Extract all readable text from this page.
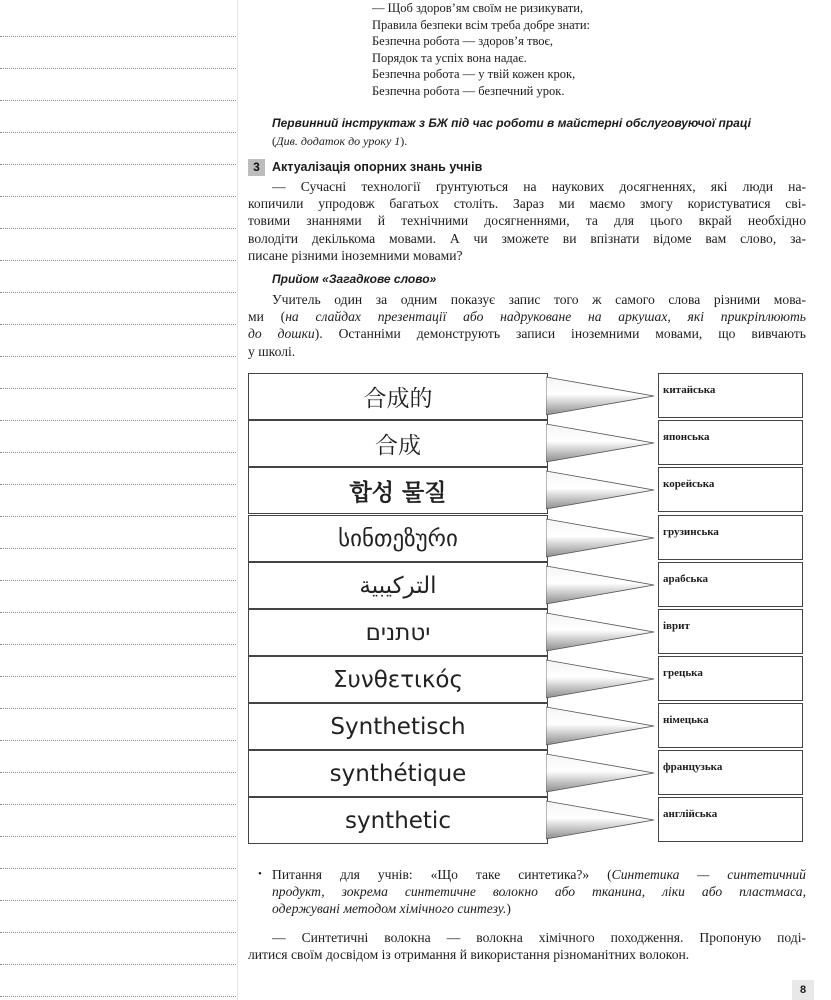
— Щоб здоров’ям своїм не ризикувати,
Правила безпеки всім треба добре знати:
Безпечна робота — здоров’я твоє,
Порядок та успіх вона надає.
Безпечна робота — у твій кожен крок,
Безпечна робота — безпечний урок.
Первинний інструктаж з БЖ під час роботи в майстерні обслуговуючої праці
(Див. додаток до уроку 1).
3 Актуалізація опорних знань учнів
— Сучасні технології ґрунтуються на наукових досягненнях, які люди на-
копичили упродовж багатьох століть. Зараз ми маємо змогу користуватися сві-
товими знаннями й технічними досягненнями, та для цього вкрай необхідно
володіти декількома мовами. А чи зможете ви впізнати відоме вам слово, за-
писане різними іноземними мовами?
Прийом «Загадкове слово»
Учитель один за одним показує запис того ж самого слова різними мова-
ми (на слайдах презентації або надруковане на аркушах, які прикріплюють
до дошки). Останніми демонструють записи іноземними мовами, що вивчають
у школі.
合成的	китайська
合成	японська
합성 물질	корейська
სინთეზური	грузинська
الترکیبیة	арабська
יטתנים	іврит
Συνθετικός	грецька
Synthetisch	німецька
synthétique	французька
synthetic	англійська
• Питання для учнів: «Що таке синтетика?» (Синтетика — синтетичний
продукт, зокрема синтетичне волокно або тканина, ліки або пластмаса,
одержувані методом хімічного синтезу.)
— Синтетичні волокна — волокна хімічного походження. Пропоную поді-
литися своїм досвідом із отримання й використання різноманітних волокон.
8
